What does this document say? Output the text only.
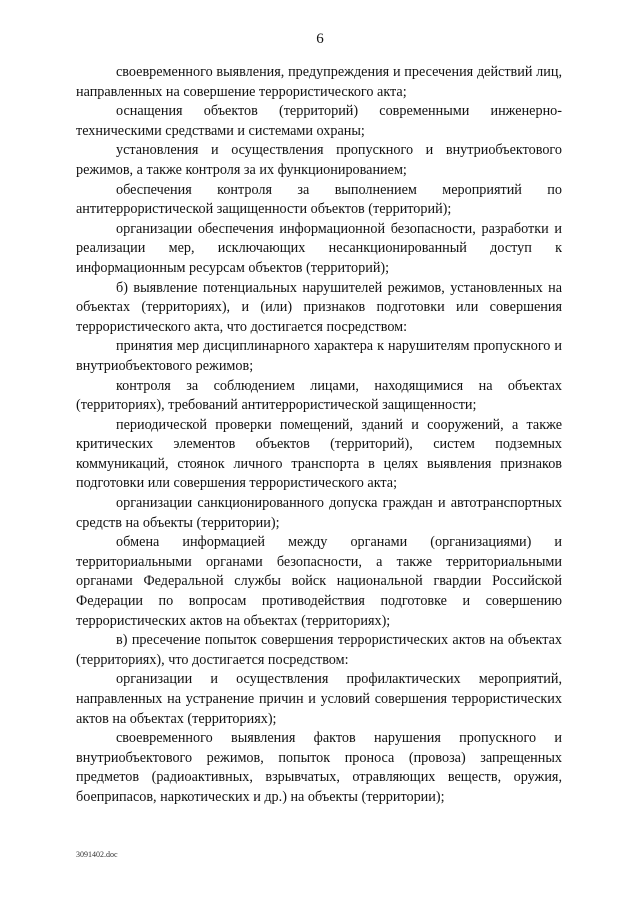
6

своевременного выявления, предупреждения и пресечения действий лиц, направленных на совершение террористического акта;

оснащения объектов (территорий) современными инженерно-техническими средствами и системами охраны;

установления и осуществления пропускного и внутриобъектового режимов, а также контроля за их функционированием;

обеспечения контроля за выполнением мероприятий по антитеррористической защищенности объектов (территорий);

организации обеспечения информационной безопасности, разработки и реализации мер, исключающих несанкционированный доступ к информационным ресурсам объектов (территорий);

б) выявление потенциальных нарушителей режимов, установленных на объектах (территориях), и (или) признаков подготовки или совершения террористического акта, что достигается посредством:

принятия мер дисциплинарного характера к нарушителям пропускного и внутриобъектового режимов;

контроля за соблюдением лицами, находящимися на объектах (территориях), требований антитеррористической защищенности;

периодической проверки помещений, зданий и сооружений, а также критических элементов объектов (территорий), систем подземных коммуникаций, стоянок личного транспорта в целях выявления признаков подготовки или совершения террористического акта;

организации санкционированного допуска граждан и автотранспортных средств на объекты (территории);

обмена информацией между органами (организациями) и территориальными органами безопасности, а также территориальными органами Федеральной службы войск национальной гвардии Российской Федерации по вопросам противодействия подготовке и совершению террористических актов на объектах (территориях);

в) пресечение попыток совершения террористических актов на объектах (территориях), что достигается посредством:

организации и осуществления профилактических мероприятий, направленных на устранение причин и условий совершения террористических актов на объектах (территориях);

своевременного выявления фактов нарушения пропускного и внутриобъектового режимов, попыток проноса (провоза) запрещенных предметов (радиоактивных, взрывчатых, отравляющих веществ, оружия, боеприпасов, наркотических и др.) на объекты (территории);

3091402.doc
